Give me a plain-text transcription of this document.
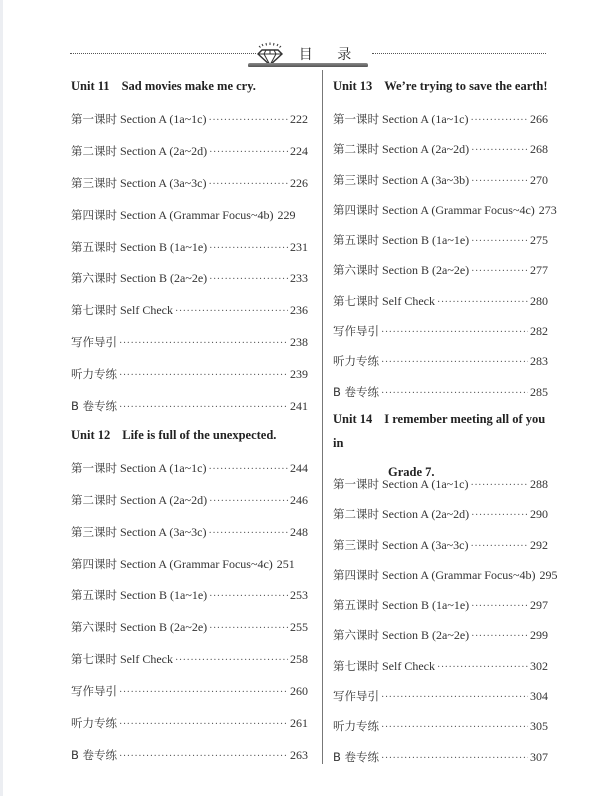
目 录
Unit 11 Sad movies make me cry.
第一课时 Section A (1a~1c) ·····	222
第二课时 Section A (2a~2d) ·····	224
第三课时 Section A (3a~3c) ·····	226
第四课时 Section A (Grammar Focus~4b) 229
第五课时 Section B (1a~1e) ·····	231
第六课时 Section B (2a~2e) ·····	233
第七课时 Self Check ·····	236
写作导引 ·····	238
听力专练 ·····	239
B 卷专练 ·····	241
Unit 12 Life is full of the unexpected.
第一课时 Section A (1a~1c) ·····	244
第二课时 Section A (2a~2d) ·····	246
第三课时 Section A (3a~3c) ·····	248
第四课时 Section A (Grammar Focus~4c) 251
第五课时 Section B (1a~1e) ·····	253
第六课时 Section B (2a~2e) ·····	255
第七课时 Self Check ·····	258
写作导引 ·····	260
听力专练 ·····	261
B 卷专练 ·····	263
Unit 13 We’re trying to save the earth!
第一课时 Section A (1a~1c) ·····	266
第二课时 Section A (2a~2d) ·····	268
第三课时 Section A (3a~3b) ·····	270
第四课时 Section A (Grammar Focus~4c) 273
第五课时 Section B (1a~1e) ·····	275
第六课时 Section B (2a~2e) ·····	277
第七课时 Self Check ·····	280
写作导引 ·····	282
听力专练 ·····	283
B 卷专练 ·····	285
Unit 14 I remember meeting all of you in
Grade 7.
第一课时 Section A (1a~1c) ·····	288
第二课时 Section A (2a~2d) ·····	290
第三课时 Section A (3a~3c) ·····	292
第四课时 Section A (Grammar Focus~4b) 295
第五课时 Section B (1a~1e) ·····	297
第六课时 Section B (2a~2e) ·····	299
第七课时 Self Check ·····	302
写作导引 ·····	304
听力专练 ·····	305
B 卷专练 ·····	307
